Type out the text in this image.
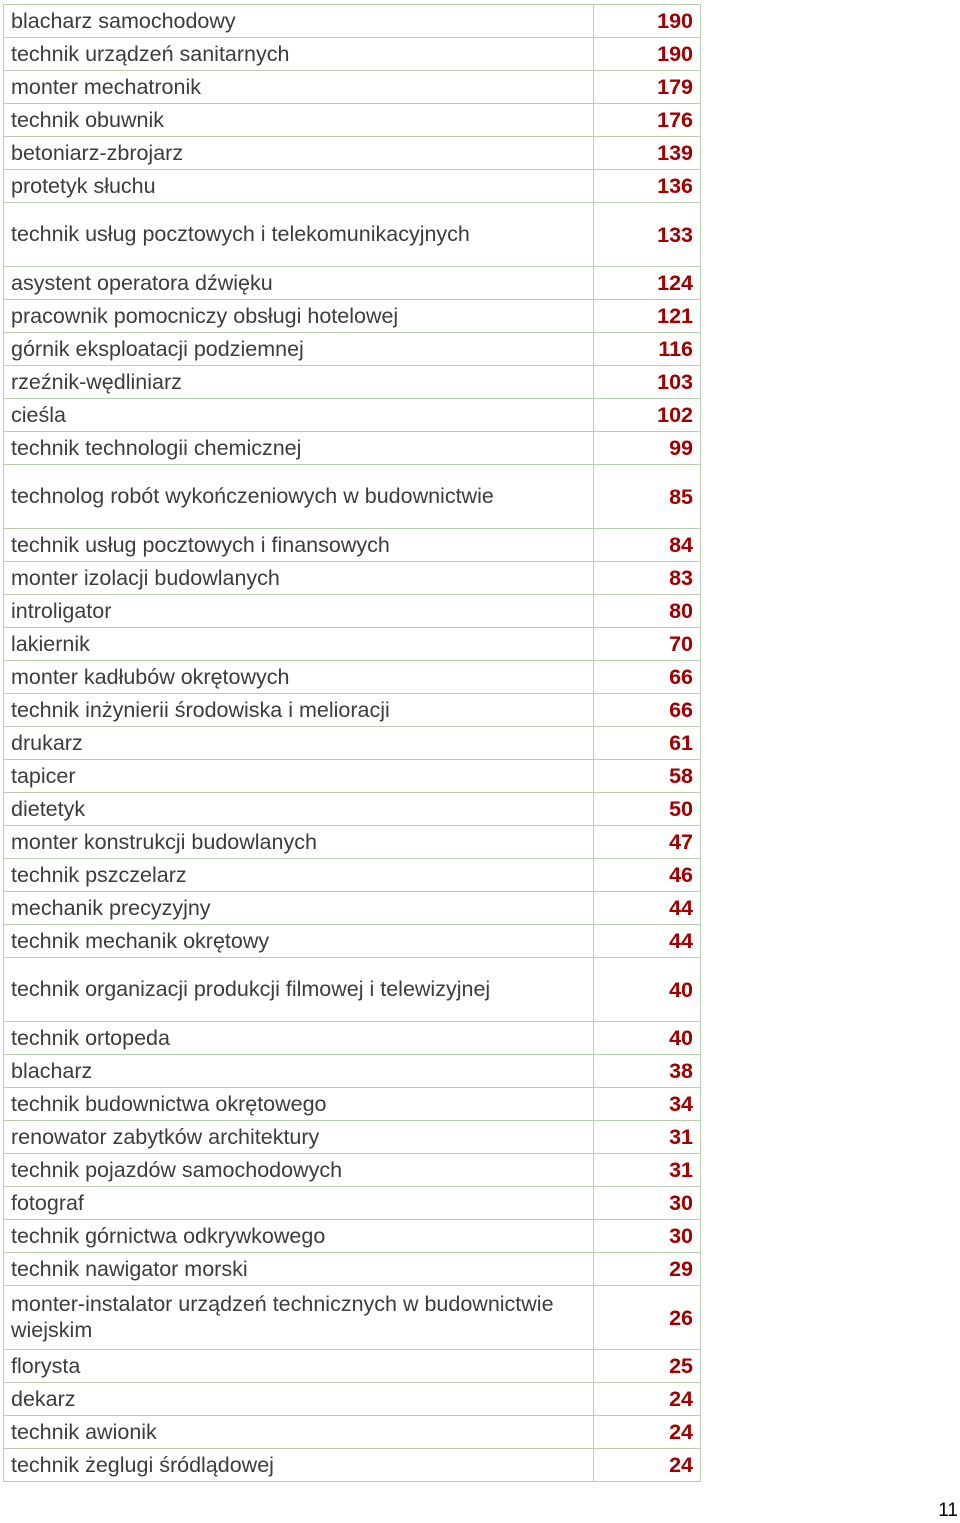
blacharz samochodowy	190
technik urządzeń sanitarnych	190
monter mechatronik	179
technik obuwnik	176
betoniarz-zbrojarz	139
protetyk słuchu	136
technik usług pocztowych i telekomunikacyjnych	133
asystent operatora dźwięku	124
pracownik pomocniczy obsługi hotelowej	121
górnik eksploatacji podziemnej	116
rzeźnik-wędliniarz	103
cieśla	102
technik technologii chemicznej	99
technolog robót wykończeniowych w budownictwie	85
technik usług pocztowych i finansowych	84
monter izolacji budowlanych	83
introligator	80
lakiernik	70
monter kadłubów okrętowych	66
technik inżynierii środowiska i melioracji	66
drukarz	61
tapicer	58
dietetyk	50
monter konstrukcji budowlanych	47
technik pszczelarz	46
mechanik precyzyjny	44
technik mechanik okrętowy	44
technik organizacji produkcji filmowej i telewizyjnej	40
technik ortopeda	40
blacharz	38
technik budownictwa okrętowego	34
renowator zabytków architektury	31
technik pojazdów samochodowych	31
fotograf	30
technik górnictwa odkrywkowego	30
technik nawigator morski	29
monter-instalator urządzeń technicznych w budownictwie wiejskim	26
florysta	25
dekarz	24
technik awionik	24
technik żeglugi śródlądowej	24
11
